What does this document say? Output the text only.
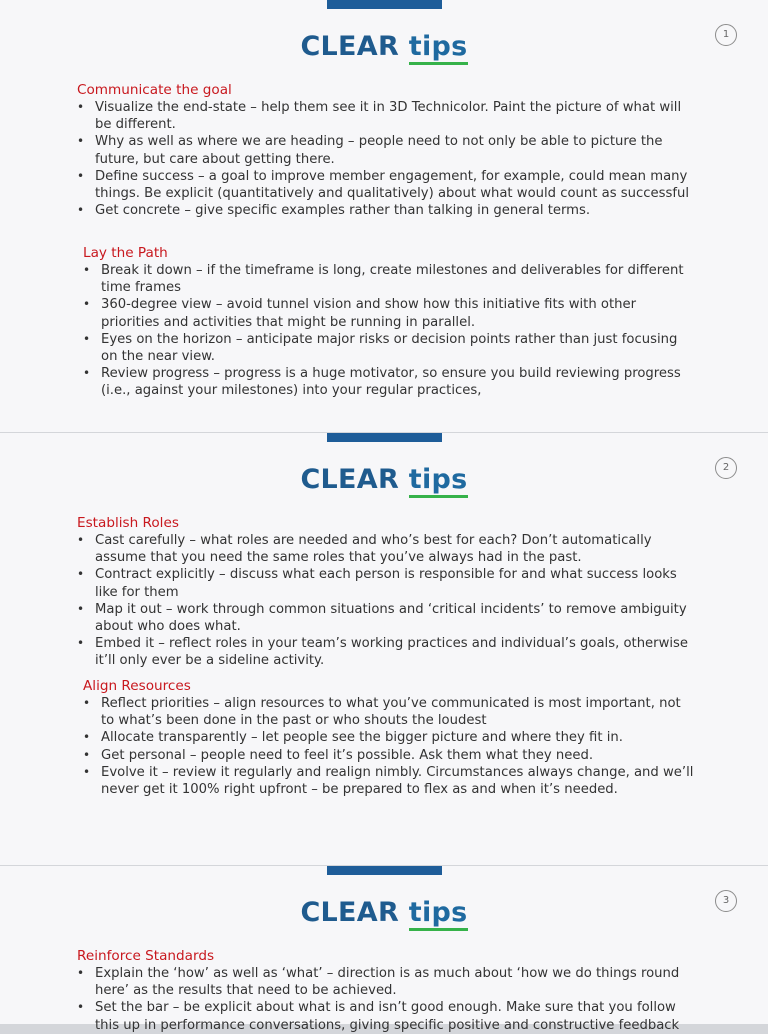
CLEAR tips	1
Communicate the goal
• Visualize the end-state – help them see it in 3D Technicolor. Paint the picture of what will be different.
• Why as well as where we are heading – people need to not only be able to picture the future, but care about getting there.
• Define success – a goal to improve member engagement, for example, could mean many things. Be explicit (quantitatively and qualitatively) about what would count as successful
• Get concrete – give specific examples rather than talking in general terms.
Lay the Path
• Break it down – if the timeframe is long, create milestones and deliverables for different time frames
• 360-degree view – avoid tunnel vision and show how this initiative fits with other priorities and activities that might be running in parallel.
• Eyes on the horizon – anticipate major risks or decision points rather than just focusing on the near view.
• Review progress – progress is a huge motivator, so ensure you build reviewing progress (i.e., against your milestones) into your regular practices,
CLEAR tips	2
Establish Roles
• Cast carefully – what roles are needed and who’s best for each? Don’t automatically assume that you need the same roles that you’ve always had in the past.
• Contract explicitly – discuss what each person is responsible for and what success looks like for them
• Map it out – work through common situations and ‘critical incidents’ to remove ambiguity about who does what.
• Embed it – reflect roles in your team’s working practices and individual’s goals, otherwise it’ll only ever be a sideline activity.
Align Resources
• Reflect priorities – align resources to what you’ve communicated is most important, not to what’s been done in the past or who shouts the loudest
• Allocate transparently – let people see the bigger picture and where they fit in.
• Get personal – people need to feel it’s possible. Ask them what they need.
• Evolve it – review it regularly and realign nimbly. Circumstances always change, and we’ll never get it 100% right upfront – be prepared to flex as and when it’s needed.
CLEAR tips	3
Reinforce Standards
• Explain the ‘how’ as well as ‘what’ – direction is as much about ‘how we do things round here’ as the results that need to be achieved.
• Set the bar – be explicit about what is and isn’t good enough. Make sure that you follow this up in performance conversations, giving specific positive and constructive feedback
